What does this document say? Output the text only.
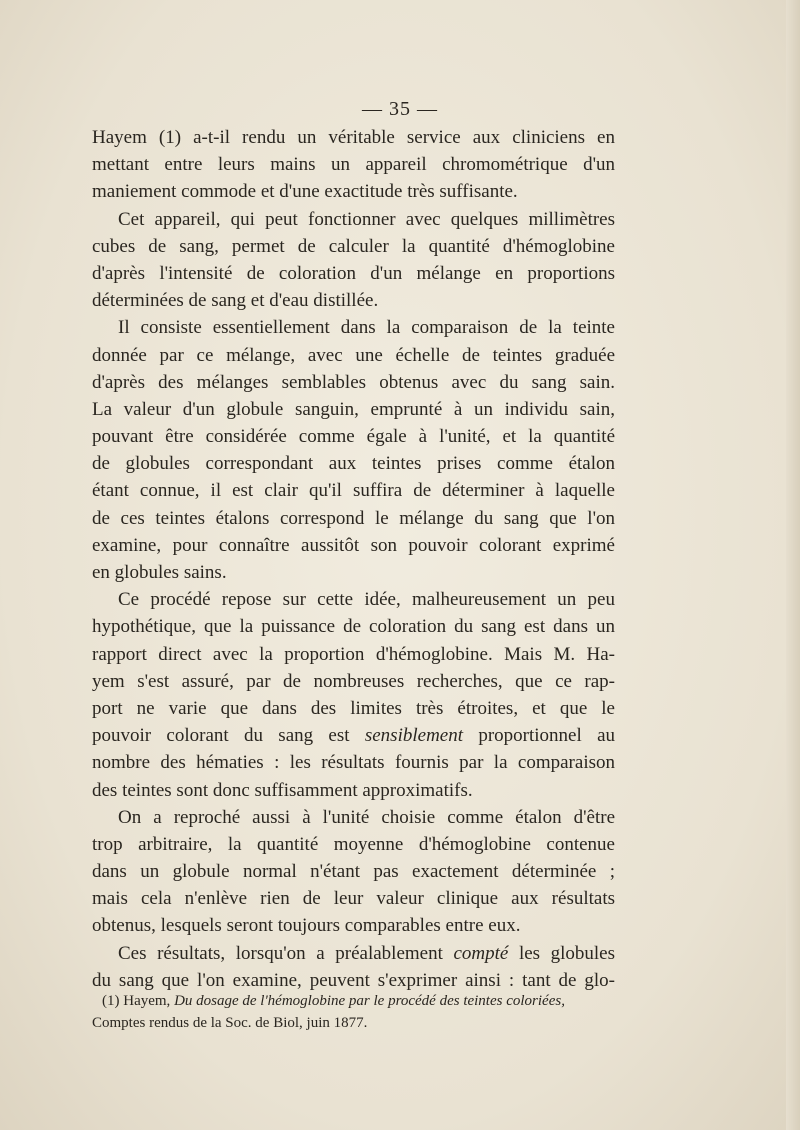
— 35 —
Hayem (1) a-t-il rendu un véritable service aux cliniciens en
mettant entre leurs mains un appareil chromométrique d'un
maniement commode et d'une exactitude très suffisante.
Cet appareil, qui peut fonctionner avec quelques millimètres
cubes de sang, permet de calculer la quantité d'hémoglobine
d'après l'intensité de coloration d'un mélange en proportions
déterminées de sang et d'eau distillée.
Il consiste essentiellement dans la comparaison de la teinte
donnée par ce mélange, avec une échelle de teintes graduée
d'après des mélanges semblables obtenus avec du sang sain.
La valeur d'un globule sanguin, emprunté à un individu sain,
pouvant être considérée comme égale à l'unité, et la quantité
de globules correspondant aux teintes prises comme étalon
étant connue, il est clair qu'il suffira de déterminer à laquelle
de ces teintes étalons correspond le mélange du sang que l'on
examine, pour connaître aussitôt son pouvoir colorant exprimé
en globules sains.
Ce procédé repose sur cette idée, malheureusement un peu
hypothétique, que la puissance de coloration du sang est dans un
rapport direct avec la proportion d'hémoglobine. Mais M. Ha-
yem s'est assuré, par de nombreuses recherches, que ce rap-
port ne varie que dans des limites très étroites, et que le
pouvoir colorant du sang est sensiblement proportionnel au
nombre des hématies : les résultats fournis par la comparaison
des teintes sont donc suffisamment approximatifs.
On a reproché aussi à l'unité choisie comme étalon d'être
trop arbitraire, la quantité moyenne d'hémoglobine contenue
dans un globule normal n'étant pas exactement déterminée ;
mais cela n'enlève rien de leur valeur clinique aux résultats
obtenus, lesquels seront toujours comparables entre eux.
Ces résultats, lorsqu'on a préalablement compté les globules
du sang que l'on examine, peuvent s'exprimer ainsi : tant de glo-
(1) Hayem, Du dosage de l'hémoglobine par le procédé des teintes coloriées,
Comptes rendus de la Soc. de Biol, juin 1877.
